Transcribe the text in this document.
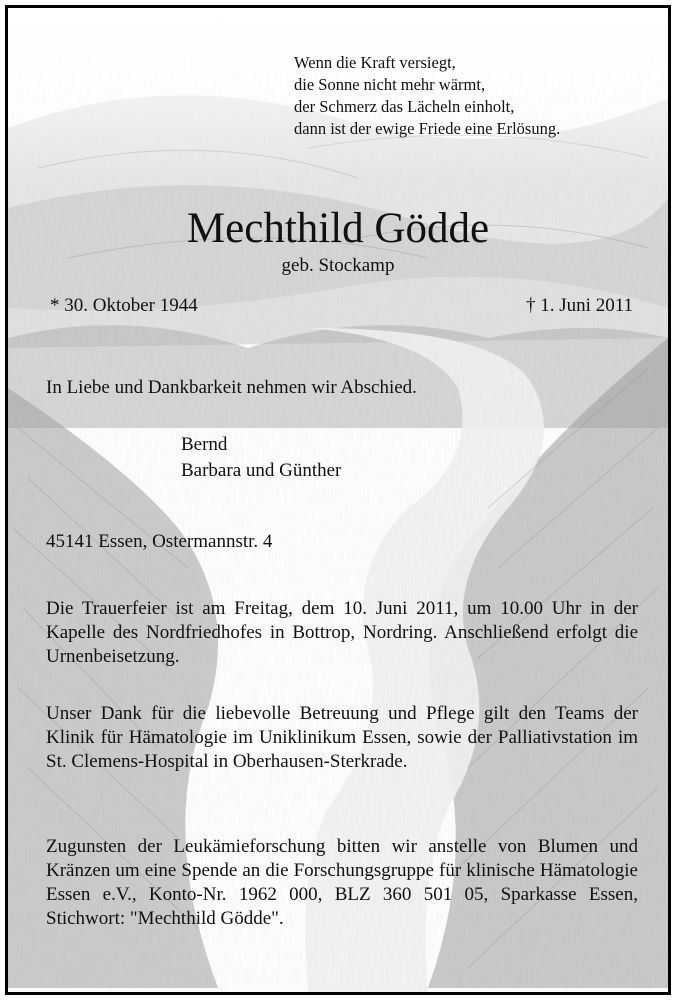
Wenn die Kraft versiegt,
die Sonne nicht mehr wärmt,
der Schmerz das Lächeln einholt,
dann ist der ewige Friede eine Erlösung.
Mechthild Gödde
geb. Stockamp
* 30. Oktober 1944	† 1. Juni 2011
In Liebe und Dankbarkeit nehmen wir Abschied.
Bernd
Barbara und Günther
45141 Essen, Ostermannstr. 4
Die Trauerfeier ist am Freitag, dem 10. Juni 2011, um 10.00 Uhr in der Kapelle des Nordfriedhofes in Bottrop, Nordring. Anschließend erfolgt die Urnenbeisetzung.
Unser Dank für die liebevolle Betreuung und Pflege gilt den Teams der Klinik für Hämatologie im Uniklinikum Essen, sowie der Palliativstation im St. Clemens-Hospital in Oberhausen-Sterkrade.
Zugunsten der Leukämieforschung bitten wir anstelle von Blumen und Kränzen um eine Spende an die Forschungsgruppe für klinische Hämatologie Essen e.V., Konto-Nr. 1962 000, BLZ 360 501 05, Sparkasse Essen, Stichwort: "Mechthild Gödde".
